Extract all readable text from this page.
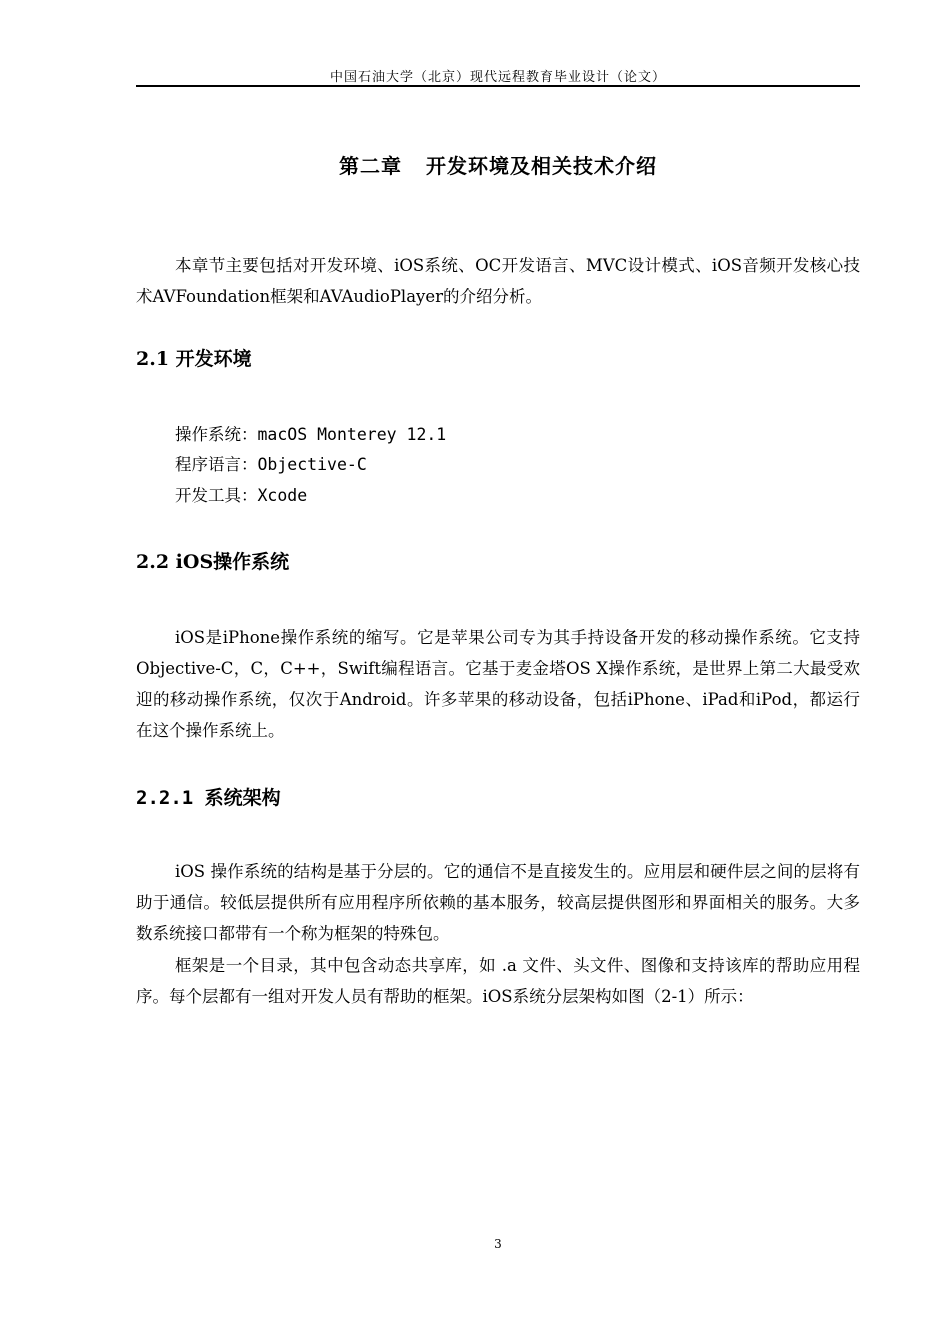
中国石油大学（北京）现代远程教育毕业设计（论文）
第二章 开发环境及相关技术介绍
本章节主要包括对开发环境、iOS系统、OC开发语言、MVC设计模式、iOS音频开发核心技术AVFoundation框架和AVAudioPlayer的介绍分析。
2.1 开发环境
操作系统：macOS Monterey 12.1
程序语言：Objective-C
开发工具：Xcode
2.2 iOS操作系统
iOS是iPhone操作系统的缩写。它是苹果公司专为其手持设备开发的移动操作系统。它支持Objective-C，C，C++，Swift编程语言。它基于麦金塔OS X操作系统，是世界上第二大最受欢迎的移动操作系统，仅次于Android。许多苹果的移动设备，包括iPhone、iPad和iPod，都运行在这个操作系统上。
2.2.1 系统架构
iOS 操作系统的结构是基于分层的。它的通信不是直接发生的。应用层和硬件层之间的层将有助于通信。较低层提供所有应用程序所依赖的基本服务，较高层提供图形和界面相关的服务。大多数系统接口都带有一个称为框架的特殊包。
框架是一个目录，其中包含动态共享库，如 .a 文件、头文件、图像和支持该库的帮助应用程序。每个层都有一组对开发人员有帮助的框架。iOS系统分层架构如图（2-1）所示：
3
